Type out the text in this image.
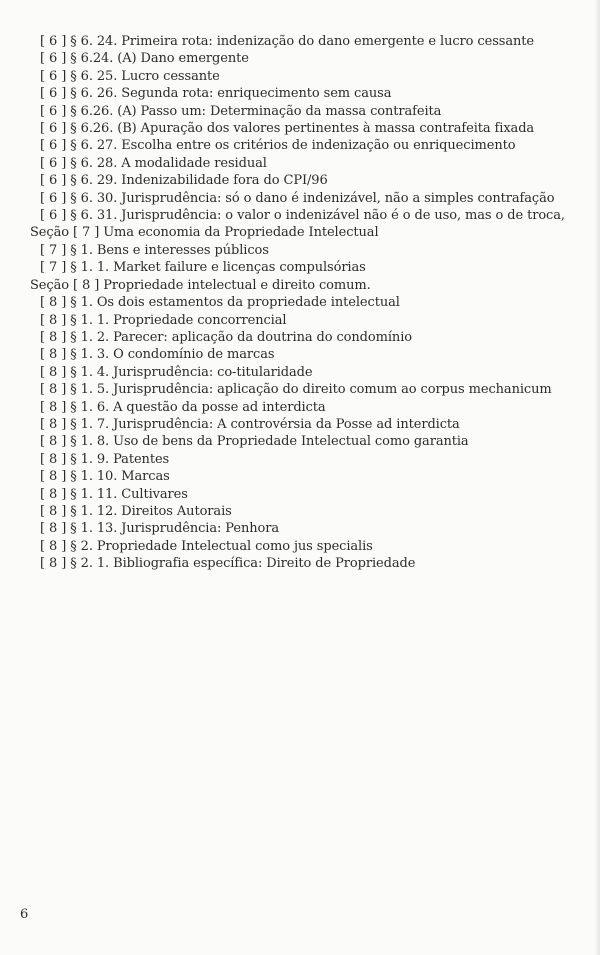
[ 6 ] § 6. 24. Primeira rota: indenização do dano emergente e lucro cessante
[ 6 ] § 6.24. (A) Dano emergente
[ 6 ] § 6. 25. Lucro cessante
[ 6 ] § 6. 26. Segunda rota: enriquecimento sem causa
[ 6 ] § 6.26. (A) Passo um: Determinação da massa contrafeita
[ 6 ] § 6.26. (B) Apuração dos valores pertinentes à massa contrafeita fixada
[ 6 ] § 6. 27. Escolha entre os critérios de indenização ou enriquecimento
[ 6 ] § 6. 28. A modalidade residual
[ 6 ] § 6. 29. Indenizabilidade fora do CPI/96
[ 6 ] § 6. 30. Jurisprudência: só o dano é indenizável, não a simples contrafação
[ 6 ] § 6. 31. Jurisprudência: o valor o indenizável não é o de uso, mas o de troca,
Seção [ 7 ] Uma economia da Propriedade Intelectual
[ 7 ] § 1. Bens e interesses públicos
[ 7 ] § 1. 1. Market failure e licenças compulsórias
Seção [ 8 ] Propriedade intelectual e direito comum.
[ 8 ] § 1. Os dois estamentos da propriedade intelectual
[ 8 ] § 1. 1. Propriedade concorrencial
[ 8 ] § 1. 2. Parecer: aplicação da doutrina do condomínio
[ 8 ] § 1. 3. O condomínio de marcas
[ 8 ] § 1. 4. Jurisprudência: co-titularidade
[ 8 ] § 1. 5. Jurisprudência: aplicação do direito comum ao corpus mechanicum
[ 8 ] § 1. 6. A questão da posse ad interdicta
[ 8 ] § 1. 7. Jurisprudência: A controvérsia da Posse ad interdicta
[ 8 ] § 1. 8. Uso de bens da Propriedade Intelectual como garantia
[ 8 ] § 1. 9. Patentes
[ 8 ] § 1. 10. Marcas
[ 8 ] § 1. 11. Cultivares
[ 8 ] § 1. 12. Direitos Autorais
[ 8 ] § 1. 13. Jurisprudência: Penhora
[ 8 ] § 2. Propriedade Intelectual como jus specialis
[ 8 ] § 2. 1. Bibliografia específica: Direito de Propriedade
6
